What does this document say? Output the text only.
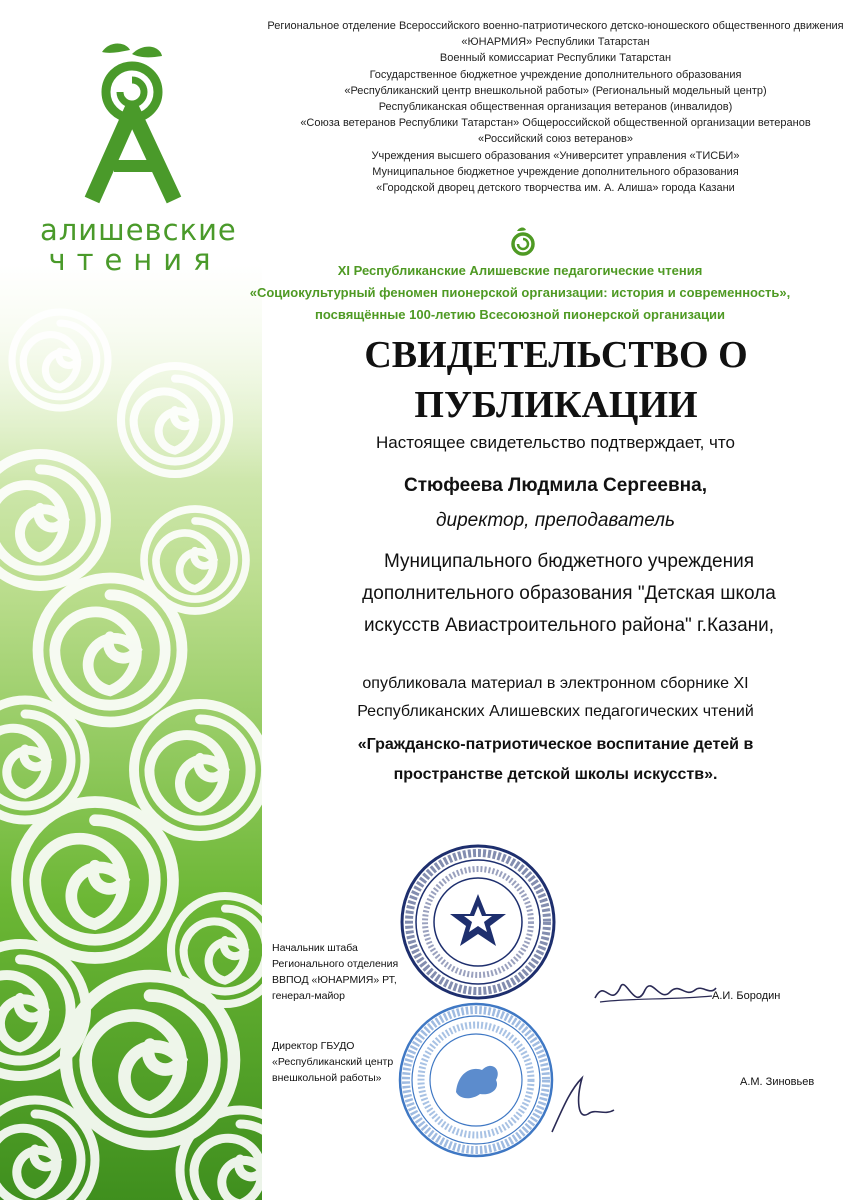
алишевские
чтения
Региональное отделение Всероссийского военно-патриотического детско-юношеского общественного движения
«ЮНАРМИЯ» Республики Татарстан
Военный комиссариат Республики Татарстан
Государственное бюджетное учреждение дополнительного образования
«Республиканский центр внешкольной работы» (Региональный модельный центр)
Республиканская общественная организация ветеранов (инвалидов)
«Союза ветеранов Республики Татарстан» Общероссийской общественной организации ветеранов
«Российский союз ветеранов»
Учреждения высшего образования «Университет управления «ТИСБИ»
Муниципальное бюджетное учреждение дополнительного образования
«Городской дворец детского творчества им. А. Алиша» города Казани
XI Республиканские Алишевские педагогические чтения
«Социокультурный феномен пионерской организации: история и современность»,
посвящённые 100-летию Всесоюзной пионерской организации
СВИДЕТЕЛЬСТВО О
ПУБЛИКАЦИИ
Настоящее свидетельство подтверждает, что
Стюфеева Людмила Сергеевна,
директор, преподаватель
Муниципального бюджетного учреждения
дополнительного образования "Детская школа
искусств Авиастроительного района" г.Казани,
опубликовала материал в электронном сборнике XI
Республиканских Алишевских педагогических чтений
«Гражданско-патриотическое воспитание детей в
пространстве детской школы искусств».
Начальник штаба
Регионального отделения
ВВПОД «ЮНАРМИЯ» РТ,
генерал-майор	А.И. Бородин
Директор ГБУДО
«Республиканский центр
внешкольной работы»	А.М. Зиновьев
